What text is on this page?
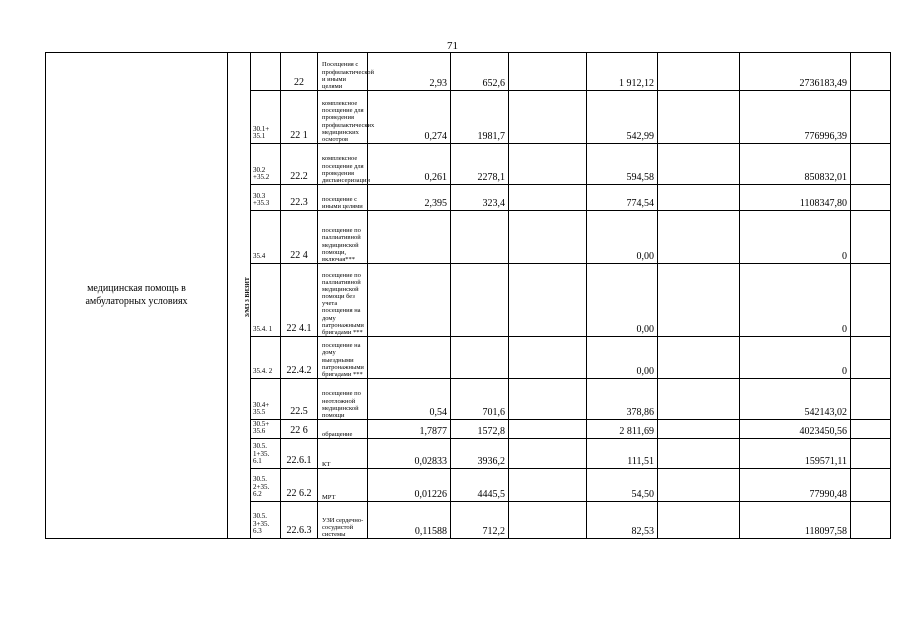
71
медицинская помощь в амбулаторных условиях	З/МЗ 3 ВИЗИТ		22	Посещения с профилактической и иными целями	2,93	652,6		1 912,12		2736183,49	
		30.1+ 35.1	22 1	комплексное посещение для проведения профилактических медицинских осмотров	0,274	1981,7		542,99		776996,39	
		30.2 +35.2	22.2	комплексное посещение для проведения диспансеризации	0,261	2278,1		594,58		850832,01	
		30.3 +35.3	22.3	посещение с иными целями	2,395	323,4		774,54		1108347,80	
		35.4	22 4	посещение по паллиативной медицинской помощи, включая***				0,00		0	
		35.4. 1	22 4.1	посещение по паллиативной медицинской помощи без учета посещения на дому патронажными бригадами ***				0,00		0	
		35.4. 2	22.4.2	посещение на дому выездными патронажными бригадами ***				0,00		0	
		30.4+ 35.5	22.5	посещение по неотложной медицинской помощи	0,54	701,6		378,86		542143,02	
		30.5+ 35.6	22 6	обращение	1,7877	1572,8		2 811,69		4023450,56	
		30.5. 1+35. 6.1	22.6.1	КТ	0,02833	3936,2		111,51		159571,11	
		30.5. 2+35. 6.2	22 6.2	МРТ	0,01226	4445,5		54,50		77990,48	
		30.5. 3+35. 6.3	22.6.3	УЗИ сердечно-сосудистой системы	0,11588	712,2		82,53		118097,58	
